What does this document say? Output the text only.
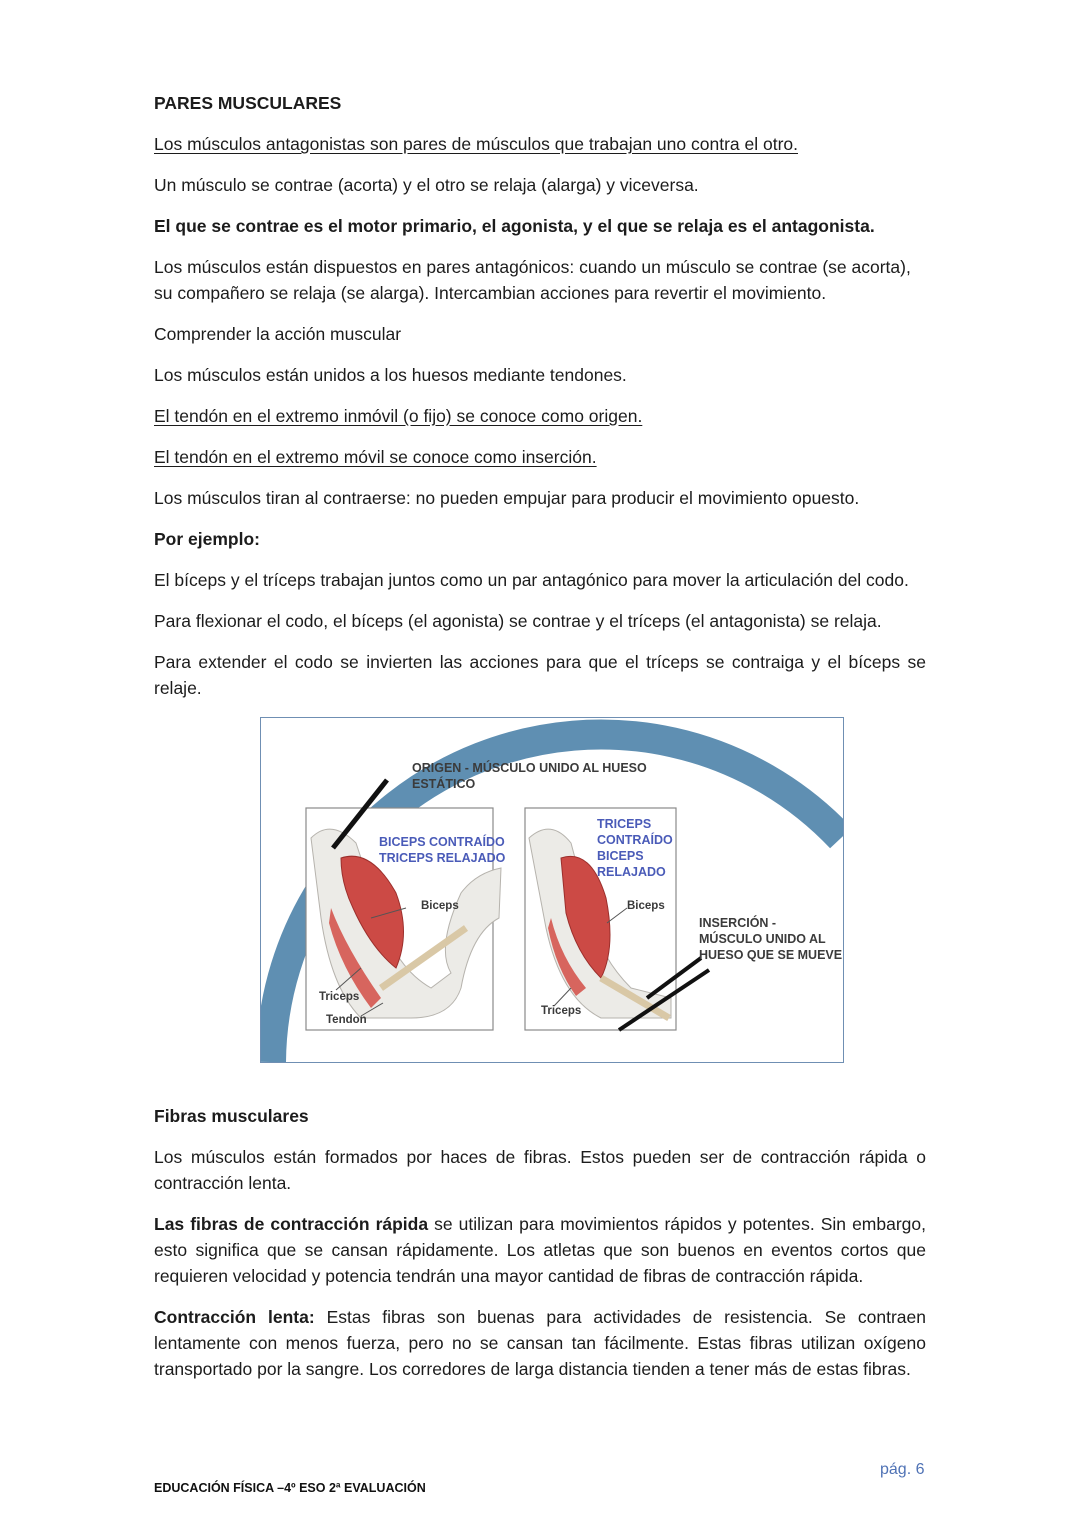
PARES MUSCULARES

Los músculos antagonistas son pares de músculos que trabajan uno contra el otro.

Un músculo se contrae (acorta) y el otro se relaja (alarga) y viceversa.

El que se contrae es el motor primario, el agonista, y el que se relaja es el antagonista.

Los músculos están dispuestos en pares antagónicos: cuando un músculo se contrae (se acorta), su compañero se relaja (se alarga). Intercambian acciones para revertir el movimiento.

Comprender la acción muscular

Los músculos están unidos a los huesos mediante tendones.

El tendón en el extremo inmóvil (o fijo) se conoce como origen.

El tendón en el extremo móvil se conoce como inserción.

Los músculos tiran al contraerse: no pueden empujar para producir el movimiento opuesto.

Por ejemplo:

El bíceps y el tríceps trabajan juntos como un par antagónico para mover la articulación del codo.

Para flexionar el codo, el bíceps (el agonista) se contrae y el tríceps (el antagonista) se relaja.

Para extender el codo se invierten las acciones para que el tríceps se contraiga y el bíceps se relaje.

ORIGEN - MÚSCULO UNIDO AL HUESO
ESTÁTICO
BICEPS CONTRAÍDO
TRICEPS RELAJADO
TRICEPS
CONTRAÍDO
BICEPS
RELAJADO
Biceps
Triceps
Tendon
Biceps
Triceps
INSERCIÓN -
MÚSCULO UNIDO AL
HUESO QUE SE MUEVE

Fibras musculares

Los músculos están formados por haces de fibras. Estos pueden ser de contracción rápida o contracción lenta.

Las fibras de contracción rápida se utilizan para movimientos rápidos y potentes. Sin embargo, esto significa que se cansan rápidamente. Los atletas que son buenos en eventos cortos que requieren velocidad y potencia tendrán una mayor cantidad de fibras de contracción rápida.

Contracción lenta: Estas fibras son buenas para actividades de resistencia. Se contraen lentamente con menos fuerza, pero no se cansan tan fácilmente. Estas fibras utilizan oxígeno transportado por la sangre. Los corredores de larga distancia tienden a tener más de estas fibras.

pág. 6
EDUCACIÓN FÍSICA –4º ESO 2ª EVALUACIÓN
